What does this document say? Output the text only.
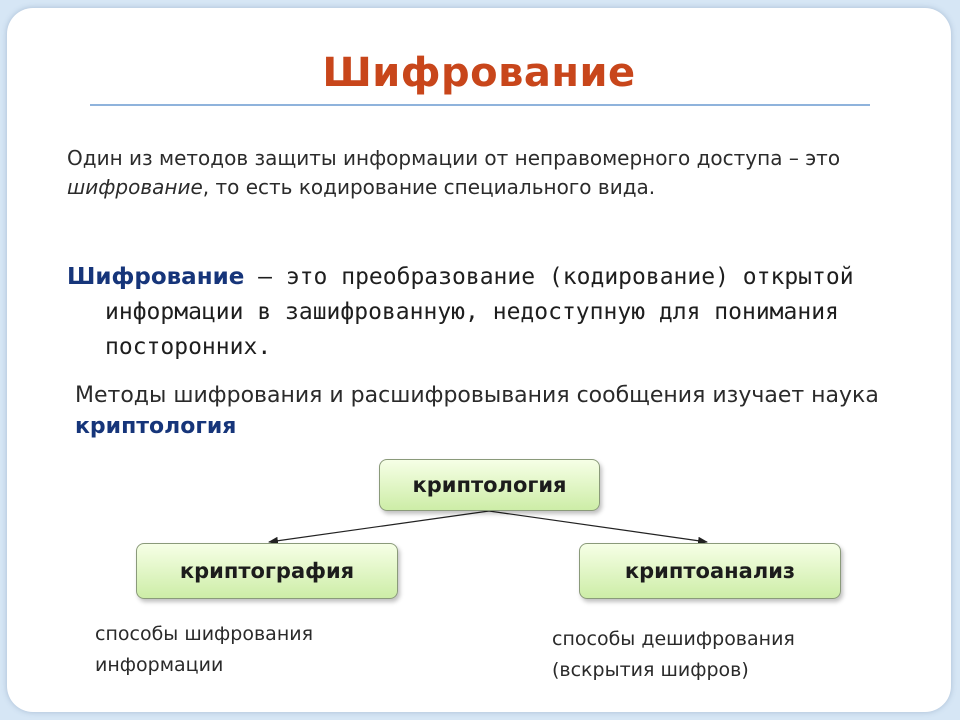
Шифрование
Один из методов защиты информации от неправомерного доступа – это шифрование, то есть кодирование специального вида.
Шифрование – это преобразование (кодирование) открытой информации в зашифрованную, недоступную для понимания посторонних.
Методы шифрования и расшифровывания сообщения изучает наука криптология
криптология
криптография	криптоанализ
способы шифрования
информации
способы дешифрования
(вскрытия шифров)
